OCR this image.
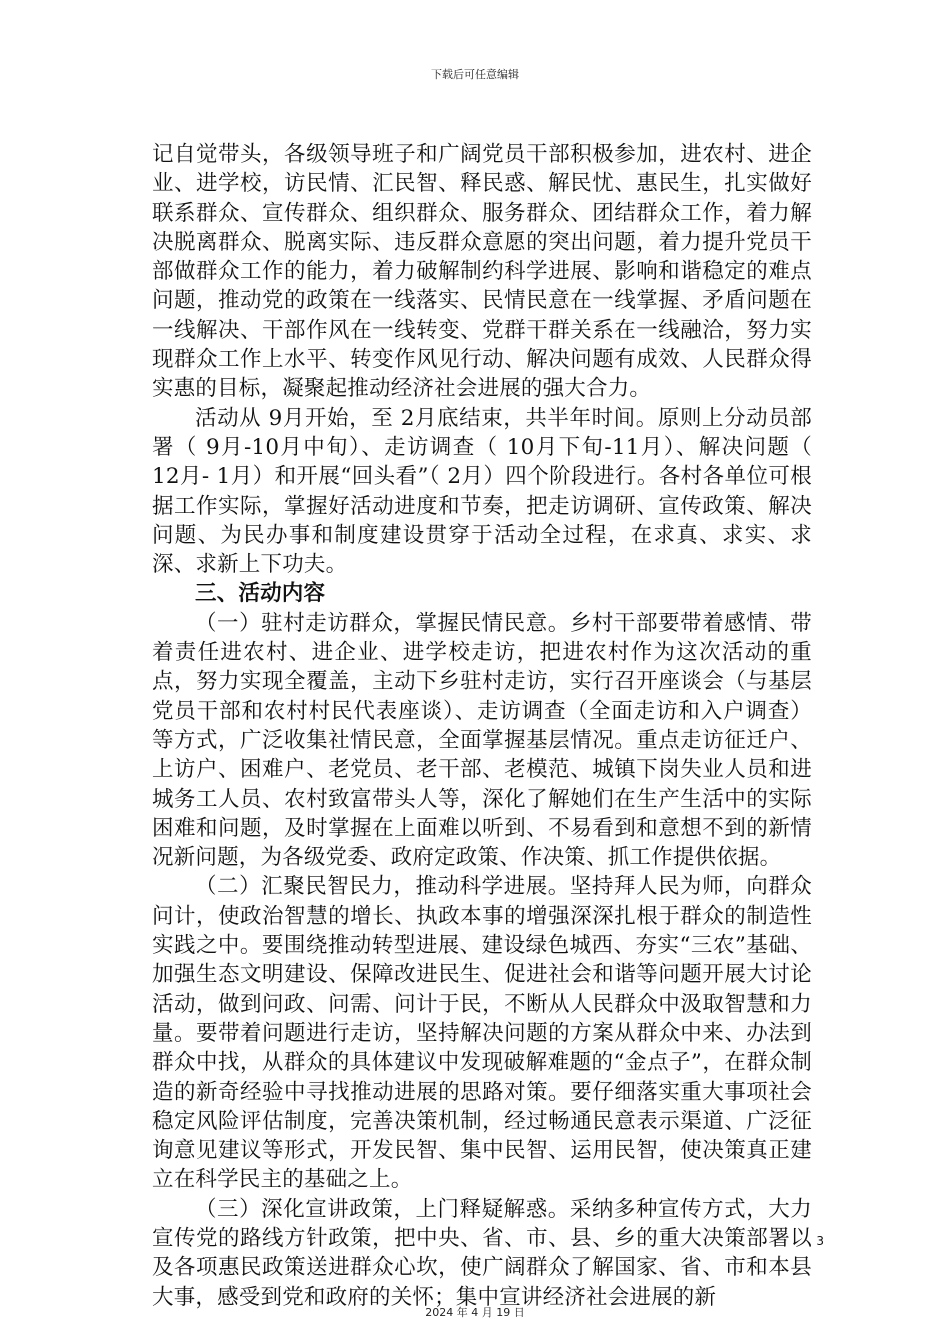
下载后可任意编辑

记自觉带头，各级领导班子和广阔党员干部积极参加，进农村、进企业、进学校，访民情、汇民智、释民惑、解民忧、惠民生，扎实做好联系群众、宣传群众、组织群众、服务群众、团结群众工作，着力解决脱离群众、脱离实际、违反群众意愿的突出问题，着力提升党员干部做群众工作的能力，着力破解制约科学进展、影响和谐稳定的难点问题，推动党的政策在一线落实、民情民意在一线掌握、矛盾问题在一线解决、干部作风在一线转变、党群干群关系在一线融洽，努力实现群众工作上水平、转变作风见行动、解决问题有成效、人民群众得实惠的目标，凝聚起推动经济社会进展的强大合力。

活动从 9月开始，至 2月底结束，共半年时间。原则上分动员部署（ 9月-10月中旬）、走访调查（ 10月下旬-11月）、解决问题（ 12月- 1月）和开展“回头看”（ 2月）四个阶段进行。各村各单位可根据工作实际，掌握好活动进度和节奏，把走访调研、宣传政策、解决问题、为民办事和制度建设贯穿于活动全过程，在求真、求实、求深、求新上下功夫。

三、活动内容

（一）驻村走访群众，掌握民情民意。乡村干部要带着感情、带着责任进农村、进企业、进学校走访，把进农村作为这次活动的重点，努力实现全覆盖，主动下乡驻村走访，实行召开座谈会（与基层党员干部和农村村民代表座谈）、走访调查（全面走访和入户调查）等方式，广泛收集社情民意，全面掌握基层情况。重点走访征迁户、上访户、困难户、老党员、老干部、老模范、城镇下岗失业人员和进城务工人员、农村致富带头人等，深化了解她们在生产生活中的实际困难和问题，及时掌握在上面难以听到、不易看到和意想不到的新情况新问题，为各级党委、政府定政策、作决策、抓工作提供依据。

（二）汇聚民智民力，推动科学进展。坚持拜人民为师，向群众问计，使政治智慧的增长、执政本事的增强深深扎根于群众的制造性实践之中。要围绕推动转型进展、建设绿色城西、夯实“三农”基础、加强生态文明建设、保障改进民生、促进社会和谐等问题开展大讨论活动，做到问政、问需、问计于民，不断从人民群众中汲取智慧和力量。要带着问题进行走访，坚持解决问题的方案从群众中来、办法到群众中找，从群众的具体建议中发现破解难题的“金点子”，在群众制造的新奇经验中寻找推动进展的思路对策。要仔细落实重大事项社会稳定风险评估制度，完善决策机制，经过畅通民意表示渠道、广泛征询意见建议等形式，开发民智、集中民智、运用民智，使决策真正建立在科学民主的基础之上。

（三）深化宣讲政策，上门释疑解惑。采纳多种宣传方式，大力宣传党的路线方针政策，把中央、省、市、县、乡的重大决策部署以及各项惠民政策送进群众心坎，使广阔群众了解国家、省、市和本县大事，感受到党和政府的关怀；集中宣讲经济社会进展的新

3
2024 年 4 月 19 日
